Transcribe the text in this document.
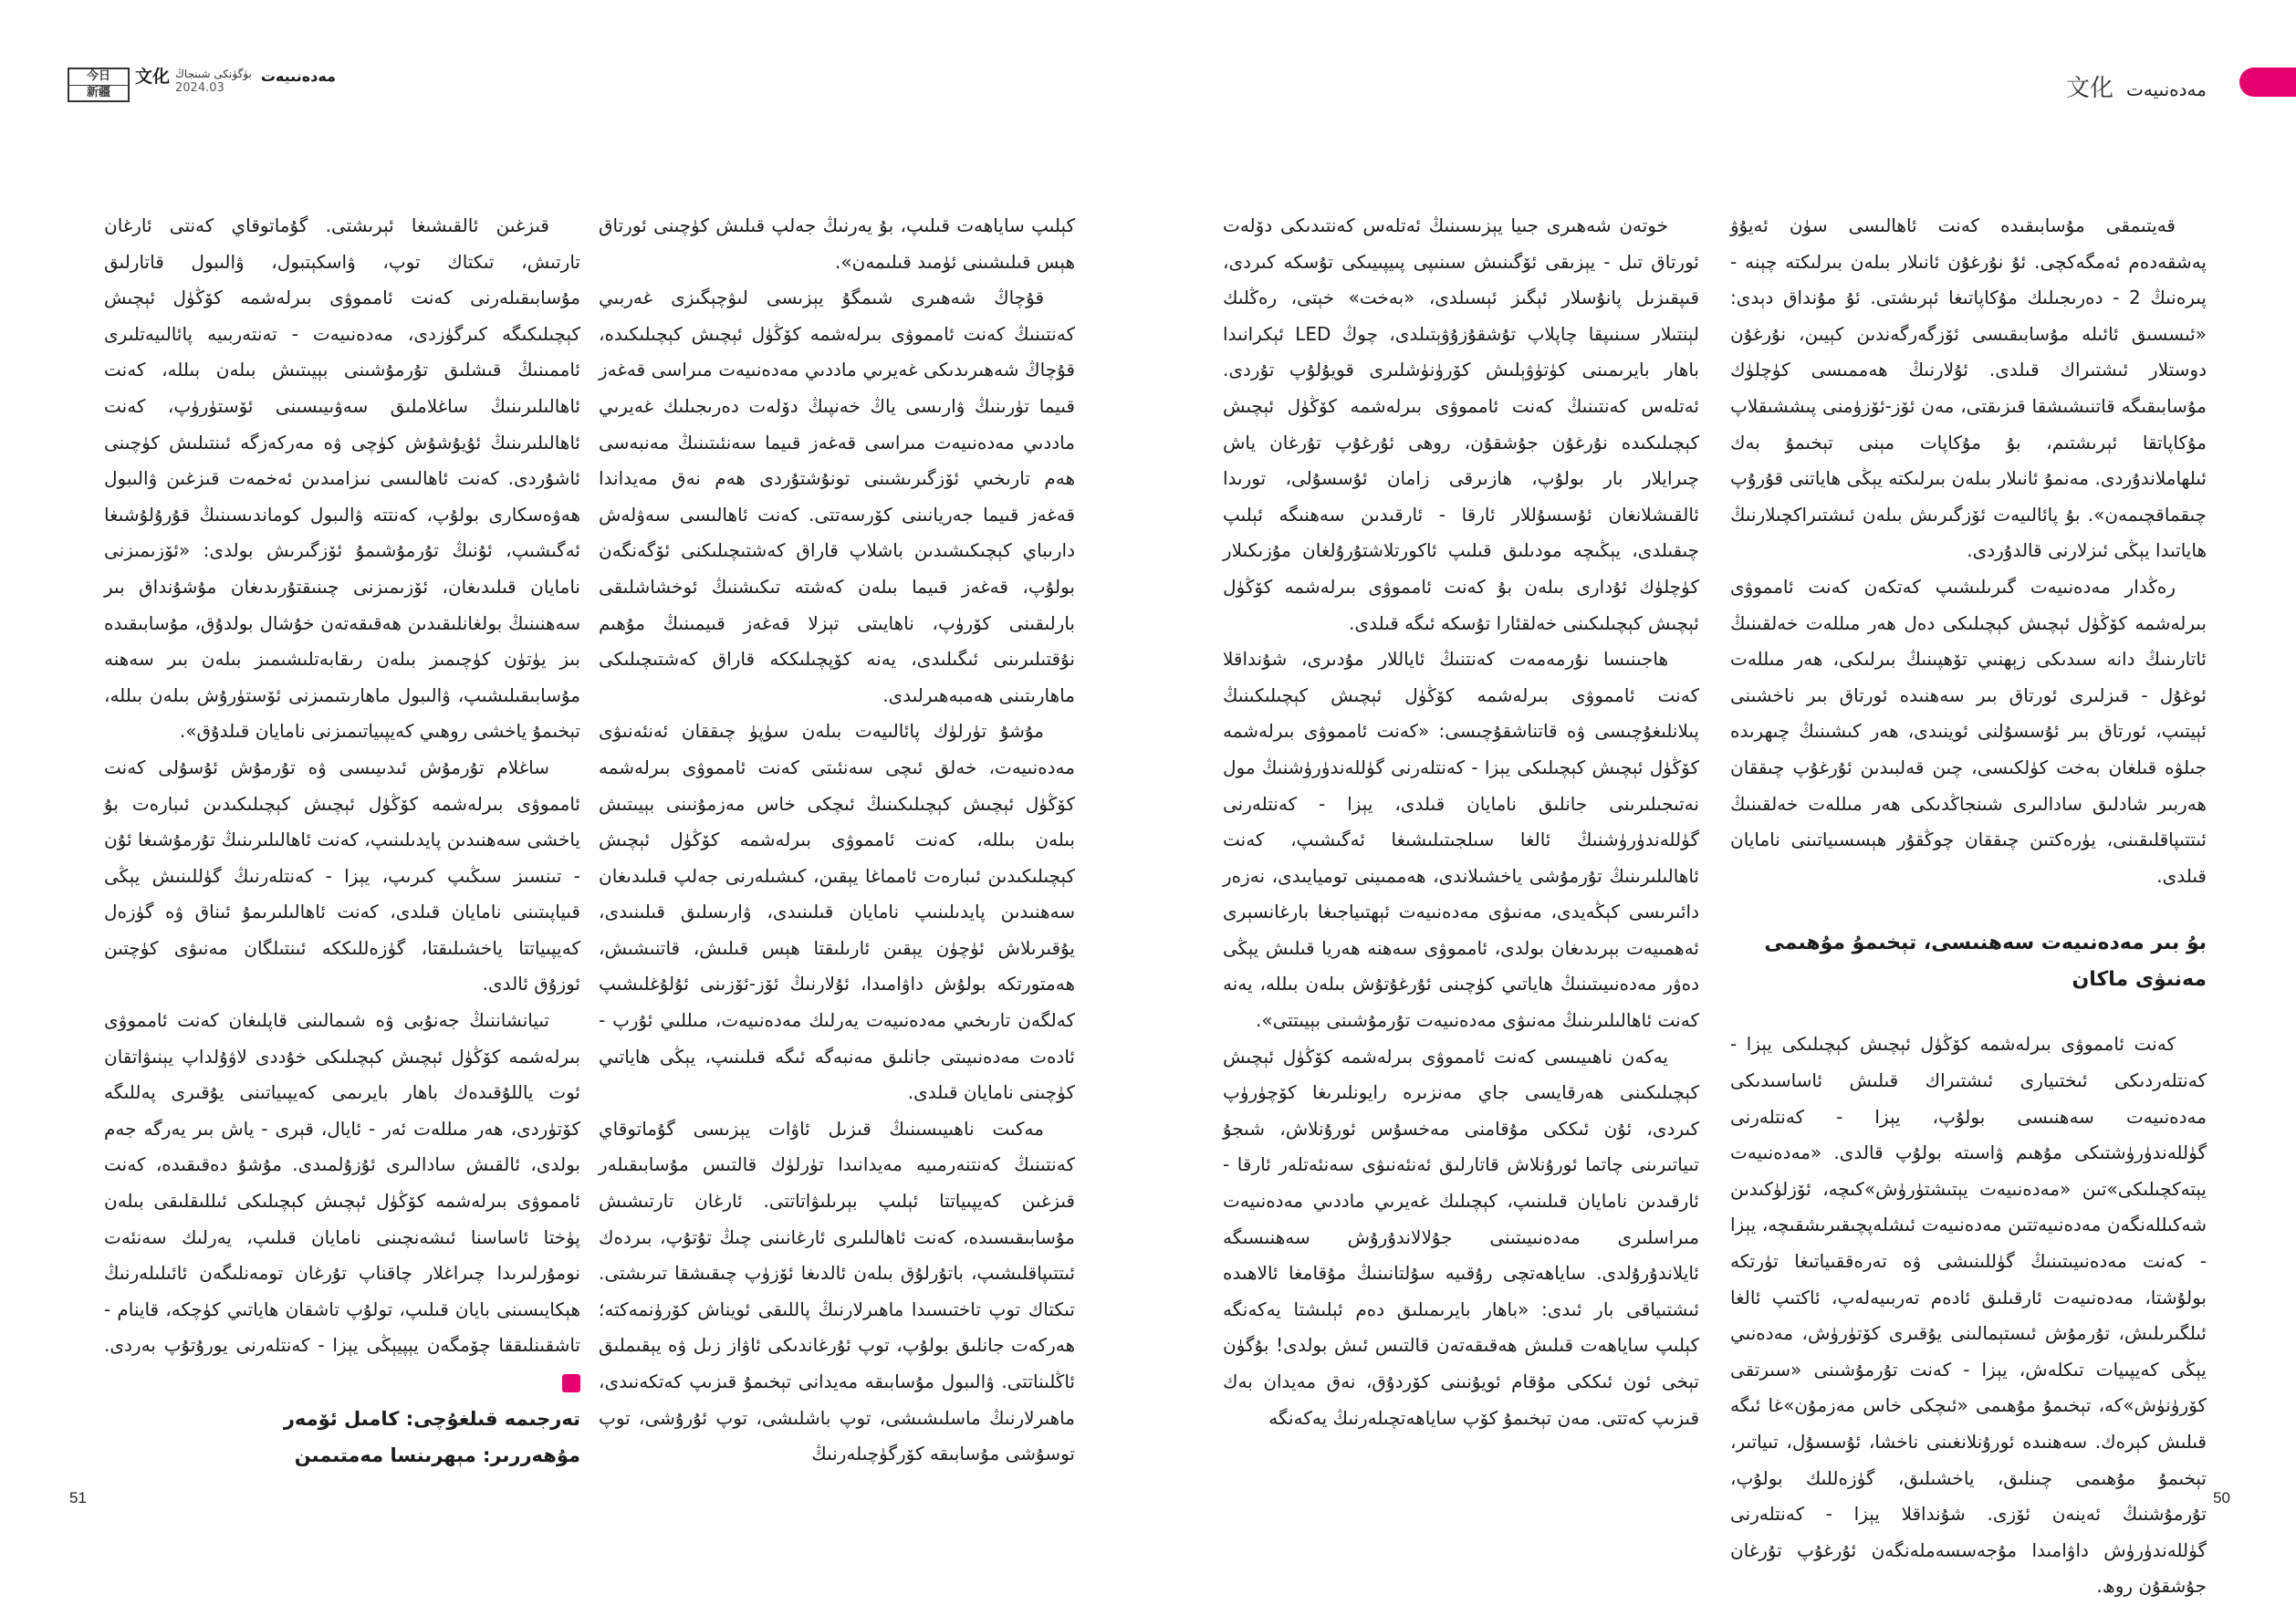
今日
新疆
文化 بۈگۈنكى شىنجاڭ
2024.03
مەدەنىيەت

قىزغىن ئالقىشىغا ئېرىشتى. گۇماتوقاي كەنتى ئارغان تارتىش، تىكتاك توپ، ۋاسكېتبول، ۋالىبول قاتارلىق مۇسابىقىلەرنى كەنت ئامموۋى بىرلەشمە كۆڭۈل ئېچىش كېچىلىكىگە كىرگۈزدى، مەدەنىيەت - تەنتەربىيە پائالىيەتلىرى ئاممىنىڭ قىشلىق تۇرمۇشىنى بېيىتىش بىلەن بىللە، كەنت ئاھالىلىرىنىڭ ساغلاملىق سەۋىيىسىنى ئۆستۈرۈپ، كەنت ئاھالىلىرىنىڭ ئۇيۇشۇش كۈچى ۋە مەركەزگە ئىنتىلىش كۈچىنى ئاشۇردى. كەنت ئاھالىسى نىزامىدىن ئەخمەت قىزغىن ۋالىبول ھەۋەسكارى بولۇپ، كەنتتە ۋالىبول كوماندىسىنىڭ قۇرۇلۇشىغا ئەگىشىپ، ئۇنىڭ تۇرمۇشىمۇ ئۆزگىرىش بولدى: «ئۆزىمىزنى نامايان قىلىدىغان، ئۆزىمىزنى چىنىقتۇرىدىغان مۇشۇنداق بىر سەھنىنىڭ بولغانلىقىدىن ھەقىقەتەن خۇشال بولدۇق، مۇسابىقىدە بىز يۈتۈن كۈچىمىز بىلەن رىقابەتلىشىمىز بىلەن بىر سەھنە مۇسابىقىلىشىپ، ۋالىبول ماھارىتىمىزنى ئۆستۈرۇش بىلەن بىللە، تېخىمۇ ياخشى روھىي كەيپىياتىمىزنى نامايان قىلدۇق».

ساغلام تۇرمۇش ئىدىيىسى ۋە تۇرمۇش ئۇسۇلى كەنت ئامموۋى بىرلەشمە كۆڭۈل ئېچىش كېچىلىكىدىن ئىبارەت بۇ ياخشى سەھنىدىن پايدىلىنىپ، كەنت ئاھالىلىرىنىڭ تۇرمۇشىغا ئۇن - تىنسىز سىڭىپ كىرىپ، يېزا - كەنتلەرنىڭ گۈللىنىش يېڭى قىياپىتىنى نامايان قىلدى، كەنت ئاھالىلىرىمۇ ئىناق ۋە گۈزەل كەيپىياتتا ياخشىلىقتا، گۈزەللىككە ئىنتىلگان مەنىۋى كۈچتىن ئوزۇق ئالدى.

تىيانشاننىڭ جەنۇبى ۋە شىمالىنى قاپلىغان كەنت ئامموۋى بىرلەشمە كۆڭۈل ئېچىش كېچىلىكى خۇددى لاۋۇلداپ يېنىۋاتقان ئوت ياللۇقىدەك باھار بايرىمى كەيپىياتىنى يۇقىرى پەللىگە كۆتۈردى، ھەر مىللەت ئەر - ئايال، قېرى - ياش بىر يەرگە جەم بولدى، ئالقىش سادالىرى ئۇزۇلمىدى. مۇشۇ دەقىقىدە، كەنت ئامموۋى بىرلەشمە كۆڭۈل ئېچىش كېچىلىكى ئىللىقلىقى بىلەن پۈختا ئاساسنا ئىشەنچىنى نامايان قىلىپ، يەرلىك سەنئەت نومۇرلىرىدا چىراغلار چاقناپ تۇرغان تومەنلىگەن ئائىلىلەرنىڭ ھېكايىسىنى بايان قىلىپ، تولۇپ تاشقان ھاياتىي كۈچكە، قاينام - تاشقىنلىققا چۆمگەن يېپيېڭى يېزا - كەنتلەرنى يورۇتۇپ بەردى.ل

تەرجىمە قىلغۇچى: كامىل ئۆمەر
مۇھەررىر: مېھرىنسا مەمتىمىن

كېلىپ ساياھەت قىلىپ، بۇ يەرنىڭ جەلپ قىلىش كۈچىنى ئورتاق ھېس قىلىشىنى ئۈمىد قىلىمەن».

قۇچاڭ شەھىرى شىمگۇ يېزىسى لىۋچېگىزى غەربىي كەنتىنىڭ كەنت ئامموۋى بىرلەشمە كۆڭۈل ئېچىش كېچىلىكىدە، قۇچاڭ شەھىرىدىكى غەيرىي ماددىي مەدەنىيەت مىراسى قەغەز قىيما تۈرىنىڭ ۋارىسى ياڭ خەنپىڭ دۆلەت دەرىجىلىك غەيرىي ماددىي مەدەنىيەت مىراسى قەغەز قىيما سەنئىتىنىڭ مەنبەسى ھەم تارىخىي ئۆزگىرىشىنى تونۇشتۇردى ھەم نەق مەيداندا قەغەز قىيما جەريانىنى كۆرسەتتى. كەنت ئاھالىسى سەۋلەش دارىباي كېچىكىشىدىن باشلاپ قاراق كەشتىچىلىكنى ئۆگەنگەن بولۇپ، قەغەز قىيما بىلەن كەشتە تىكىشنىڭ ئوخشاشلىقى بارلىقىنى كۆرۈپ، ناھايىتى تېزلا قەغەز قىيمىنىڭ مۇھىم نۇقتىلىرىنى ئىگىلىدى، يەنە كۆپچىلىككە قاراق كەشتىچىلىكى ماھارىتىنى ھەمبەھىرلىدى.

مۇشۇ تۈرلۈك پائالىيەت بىلەن سۈپۈ چىققان ئەنئەنىۋى مەدەنىيەت، خەلق ئىچى سەنئىتى كەنت ئامموۋى بىرلەشمە كۆڭۈل ئېچىش كېچىلىكىنىڭ ئىچكى خاس مەزمۇنىنى بېيىتىش بىلەن بىللە، كەنت ئامموۋى بىرلەشمە كۆڭۈل ئېچىش كېچىلىكىدىن ئىبارەت ئامماغا يېقىن، كىشىلەرنى جەلپ قىلىدىغان سەھنىدىن پايدىلىنىپ نامايان قىلىنىدى، ۋارىسلىق قىلىنىدى، يۇقىرىلاش ئۈچۈن يېقىن ئارىلىقتا ھېس قىلىش، قاتنىشىش، ھەمتورتكە بولۇش داۋامىدا، ئۇلارنىڭ ئۆز-ئۆزىنى ئۇلۇغلىشىپ كەلگەن تارىخىي مەدەنىيەت يەرلىك مەدەنىيەت، مىللىي ئۇرپ - ئادەت مەدەنىيىتى جانلىق مەنبەگە ئىگە قىلىنىپ، يېڭى ھاياتىي كۈچىنى نامايان قىلدى.

مەكىت ناھىيىسىنىڭ قىزىل ئاۋات يېزىسى گۇماتوقاي كەنتىنىڭ كەنتنەرمىيە مەيدانىدا تۈرلۈك قالتىس مۇسابىقىلەر قىزغىن كەيپىياتتا ئېلىپ بېرىلىۋاتاتتى. ئارغان تارتىشىش مۇسابىقىسىدە، كەنت ئاھالىلىرى ئارغانىنى چىڭ تۇتۇپ، بىردەك ئىتتىپاقلىشىپ، باتۇرلۇق بىلەن ئالدىغا ئۆزۈپ چىقىشقا تىرىشتى. تىكتاك توپ تاختىسىدا ماھىرلارنىڭ پاللىقى ئويناش كۆرۈنمەكتە؛ ھەركەت جانلىق بولۇپ، توپ ئۇرغاندىكى ئاۋاز زىل ۋە يېقىملىق ئاڭلىناتتى. ۋالىبول مۇسابىقە مەيدانى تېخىمۇ قىزىپ كەتكەنىدى، ماھىرلارنىڭ ماسلىشىشى، توپ باشلىشى، توپ ئۇرۇشى، توپ توسۇشى مۇسابىقە كۆرگۈچىلەرنىڭ

51
文化 مەدەنىيەت

خوتەن شەھىرى جىيا يېزىسىنىڭ ئەتلەس كەنتىدىكى دۆلەت ئورتاق تىل - يېزىقى ئۆگىنىش سىنىپى پىيپىيىكى تۇسكە كىردى، قىپقىزىل پانۇسلار ئېگىز ئېسىلدى، «بەخت» خېتى، رەڭلىك لېنتىلار سىنىپقا چاپلاپ تۇشقۇزۇۋېتىلدى، چوڭ LED ئېكرانىدا باھار بايرىمىنى كۈتۈۋېلىش كۆرۈنۈشلىرى قويۇلۇپ تۇردى. ئەتلەس كەنتىنىڭ كەنت ئامموۋى بىرلەشمە كۆڭۈل ئېچىش كېچىلىكىدە نۇرغۇن جۇشقۇن، روھى ئۇرغۇپ تۇرغان ياش چىرايلار بار بولۇپ، ھازىرقى زامان ئۇسسۇلى، تورىدا ئالقىشلانغان ئۇسسۇللار ئارقا - ئارقىدىن سەھنىگە ئېلىپ چىقىلدى، يېڭىچە مودىلىق قىلىپ ئاكورتلاشتۇرۇلغان مۇزىكىلار كۈچلۈك ئۇدارى بىلەن بۇ كەنت ئامموۋى بىرلەشمە كۆڭۈل ئېچىش كېچىلىكىنى خەلقئارا تۇسكە ئىگە قىلدى.

ھاجىنىسا نۇرمەمەت كەنتنىڭ ئاياللار مۇدىرى، شۇنداقلا كەنت ئامموۋى بىرلەشمە كۆڭۈل ئېچىش كېچىلىكىنىڭ پىلانلىغۇچىسى ۋە قاتناشقۇچىسى: «كەنت ئامموۋى بىرلەشمە كۆڭۈل ئېچىش كېچىلىكى يېزا - كەنتلەرنى گۈللەندۈرۈشنىڭ مول نەتىجىلىرىنى جانلىق نامايان قىلدى، يېزا - كەنتلەرنى گۈللەندۈرۈشنىڭ ئالغا سىلجىتىلىشىغا ئەگىشىپ، كەنت ئاھالىلىرىنىڭ تۇرمۇشى ياخشىلاندى، ھەممىينى توميايىدى، نەزەر دائىرىسى كېڭەيدى، مەنىۋى مەدەنىيەت ئېھتىياجىغا بارغانسېرى ئەھمىيەت بېرىدىغان بولدى، ئامموۋى سەھنە ھەريا قىلىش يېڭى دەۋر مەدەنىيىتىنىڭ ھاياتىي كۈچىنى ئۇرغۇتۇش بىلەن بىللە، يەنە كەنت ئاھالىلىرىنىڭ مەنىۋى مەدەنىيەت تۇرمۇشىنى بېيىتتى».

يەكەن ناھىيىسى كەنت ئامموۋى بىرلەشمە كۆڭۈل ئېچىش كېچىلىكىنى ھەرقايسى جاي مەنزىرە رايونلىرىغا كۆچۈرۈپ كىردى، ئۇن ئىككى مۇقامنى مەخسۇس ئورۇنلاش، شىجۇ تىياتىرىنى چاتما ئورۇنلاش قاتارلىق ئەنئەنىۋى سەنئەتلەر ئارقا - ئارقىدىن نامايان قىلىنىپ، كېچىلىك غەيرىي ماددىي مەدەنىيەت مىراسلىرى مەدەنىيىتىنى جۇلالاندۇرۇش سەھنىسىگە ئايلاندۇرۇلدى. ساياھەتچى رۇقىيە سۇلتانىنىڭ مۇقامغا ئالاھىدە ئىشتىياقى بار ئىدى: «باھار بايرىمىلىق دەم ئېلىشتا يەكەنگە كېلىپ ساياھەت قىلىش ھەقىقەتەن قالتىس ئىش بولدى! بۇگۈن تېخى ئون ئىككى مۇقام ئويۇنىنى كۆردۇق، نەق مەيدان بەك قىزىپ كەتتى. مەن تېخىمۇ كۆپ ساياھەتچىلەرنىڭ يەكەنگە

قەيتىمقى مۇسابىقىدە كەنت ئاھالىسى سۈن ئەيۇۋ پەشقەدەم ئەمگەكچى. ئۇ نۇرغۇن ئانىلار بىلەن بىرلىكتە چېنە - پىرەنىڭ 2 - دەرىجىلىك مۇكاپاتىغا ئېرىشتى. ئۇ مۇنداق دېدى: «ئىسسىق ئائىلە مۇسابىقىسى ئۆزگەرگەندىن كېيىن، نۇرغۇن دوستلار ئىشتىراك قىلدى. ئۇلارنىڭ ھەممىسى كۈچلۈك مۇسابىقىگە قاتنىشىشقا قىزىقتى، مەن ئۆز-ئۆزۈمنى پىششىقلاپ مۇكاپاتقا ئېرىشتىم، بۇ مۇكاپات مېنى تېخىمۇ بەك ئىلھاملاندۇردى. مەنمۇ ئانىلار بىلەن بىرلىكتە يېڭى ھاياتنى قۇرۇپ چىقماقچىمەن». بۇ پائالىيەت ئۆزگىرىش بىلەن ئىشتىراكچىلارنىڭ ھاياتىدا يېڭى ئىزلارنى قالدۇردى.

رەڭدار مەدەنىيەت گىرىلىشىپ كەتكەن كەنت ئامموۋى بىرلەشمە كۆڭۈل ئېچىش كېچىلىكى دەل ھەر مىللەت خەلقىنىڭ ئاتارىنىڭ دانە سىدىكى زېھنىي تۆھپىنىڭ بىرلىكى، ھەر مىللەت ئوغۇل - قىزلىرى ئورتاق بىر سەھنىدە ئورتاق بىر ناخشىنى ئېيتىپ، ئورتاق بىر ئۇسسۇلنى ئوينىدى، ھەر كىشىنىڭ چىھرىدە جىلۋە قىلغان بەخت كۈلكىسى، چىن قەلبىدىن ئۇرغۇپ چىققان ھەربىر شادلىق سادالىرى شىنجاڭدىكى ھەر مىللەت خەلقىنىڭ ئىتتىپاقلىقىنى، يۈرەكتىن چىققان چوڭقۇر ھېسسىياتىنى نامايان قىلدى.

بۇ بىر مەدەنىيەت سەھنىسى، تېخىمۇ مۇھىمى مەنىۋى ماكان

كەنت ئامموۋى بىرلەشمە كۆڭۈل ئېچىش كېچىلىكى يېزا - كەنتلەردىكى ئىختىيارى ئىشتىراك قىلىش ئاساسىدىكى مەدەنىيەت سەھنىسى بولۇپ، يېزا - كەنتلەرنى گۈللەندۈرۈشتىكى مۇھىم ۋاسىتە بولۇپ قالدى. «مەدەنىيەت يېتەكچىلىكى»تىن «مەدەنىيەت يېتىشتۈرۈش»كىچە، ئۆزلۈكىدىن شەكىللەنگەن مەدەنىيەتتىن مەدەنىيەت ئىشلەپچىقىرىشقىچە، يېزا - كەنت مەدەنىيىتىنىڭ گۈللىنىشى ۋە تەرەققىياتىغا تۈرتكە بولۇشتا، مەدەنىيەت ئارقىلىق ئادەم تەربىيەلەپ، ئاكتىپ ئالغا ئىلگىرىلىش، تۇرمۇش ئىستېمالىنى يۇقىرى كۆتۈرۈش، مەدەنىي يېڭى كەيپىيات تىكلەش، يېزا - كەنت تۇرمۇشىنى «سىرتقى كۆرۈنۈش»كە، تېخىمۇ مۇھىمى «ئىچكى خاس مەزمۇن»غا ئىگە قىلىش كېرەك. سەھنىدە ئورۇنلانغىنى ناخشا، ئۇسسۇل، تىياتىر، تېخىمۇ مۇھىمى چىنلىق، ياخشىلىق، گۈزەللىك بولۇپ، تۇرمۇشنىڭ ئەينەن ئۆزى. شۇنداقلا يېزا - كەنتلەرنى گۈللەندۈرۈش داۋامىدا مۇجەسسەملەنگەن ئۇرغۇپ تۇرغان جۇشقۇن روھ.

50
